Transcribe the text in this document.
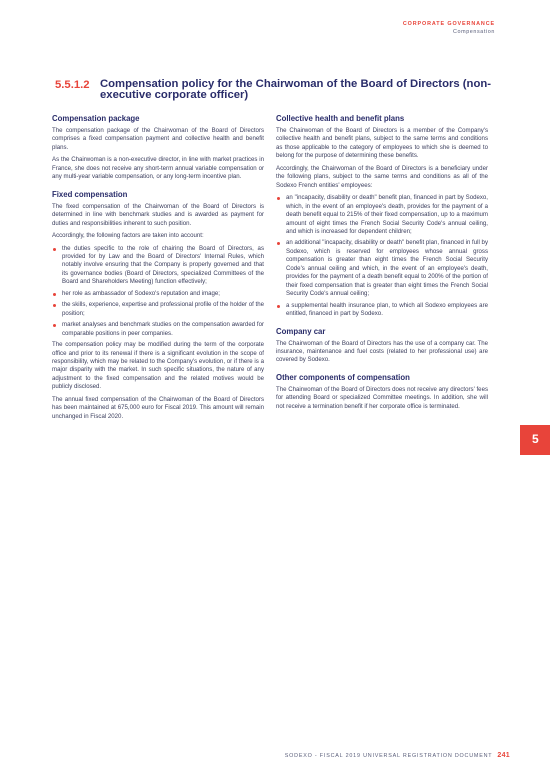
CORPORATE GOVERNANCE
Compensation
5.5.1.2 Compensation policy for the Chairwoman of the Board of Directors (non-executive corporate officer)
Compensation package

The compensation package of the Chairwoman of the Board of Directors comprises a fixed compensation payment and collective health and benefit plans.

As the Chairwoman is a non-executive director, in line with market practices in France, she does not receive any short-term annual variable compensation or any multi-year variable compensation, or any long-term incentive plan.

Fixed compensation

The fixed compensation of the Chairwoman of the Board of Directors is determined in line with benchmark studies and is awarded as payment for duties and responsibilities inherent to such position.

Accordingly, the following factors are taken into account:

the duties specific to the role of chairing the Board of Directors, as provided for by Law and the Board of Directors' Internal Rules, which notably involve ensuring that the Company is properly governed and that its governance bodies (Board of Directors, specialized Committees of the Board and Shareholders Meeting) function effectively;
her role as ambassador of Sodexo's reputation and image;
the skills, experience, expertise and professional profile of the holder of the position;
market analyses and benchmark studies on the compensation awarded for comparable positions in peer companies.

The compensation policy may be modified during the term of the corporate office and prior to its renewal if there is a significant evolution in the scope of responsibility, which may be related to the Company's evolution, or if there is a major disparity with the market. In such specific situations, the nature of any adjustment to the fixed compensation and the related motives would be publicly disclosed.

The annual fixed compensation of the Chairwoman of the Board of Directors has been maintained at 675,000 euro for Fiscal 2019. This amount will remain unchanged in Fiscal 2020.

Collective health and benefit plans

The Chairwoman of the Board of Directors is a member of the Company's collective health and benefit plans, subject to the same terms and conditions as those applicable to the category of employees to which she is deemed to belong for the purpose of determining these benefits.

Accordingly, the Chairwoman of the Board of Directors is a beneficiary under the following plans, subject to the same terms and conditions as all of the Sodexo French entities' employees:

an "incapacity, disability or death" benefit plan, financed in part by Sodexo, which, in the event of an employee's death, provides for the payment of a death benefit equal to 215% of their fixed compensation, up to a maximum amount of eight times the French Social Security Code's annual ceiling, and which is increased for dependent children;
an additional "incapacity, disability or death" benefit plan, financed in full by Sodexo, which is reserved for employees whose annual gross compensation is greater than eight times the French Social Security Code's annual ceiling and which, in the event of an employee's death, provides for the payment of a death benefit equal to 200% of the portion of their fixed compensation that is greater than eight times the French Social Security Code's annual ceiling;
a supplemental health insurance plan, to which all Sodexo employees are entitled, financed in part by Sodexo.
Company car

The Chairwoman of the Board of Directors has the use of a company car. The insurance, maintenance and fuel costs (related to her professional use) are covered by Sodexo.

Other components of compensation

The Chairwoman of the Board of Directors does not receive any directors' fees for attending Board or specialized Committee meetings. In addition, she will not receive a termination benefit if her corporate office is terminated.

5
SODEXO - FISCAL 2019 UNIVERSAL REGISTRATION DOCUMENT 241
